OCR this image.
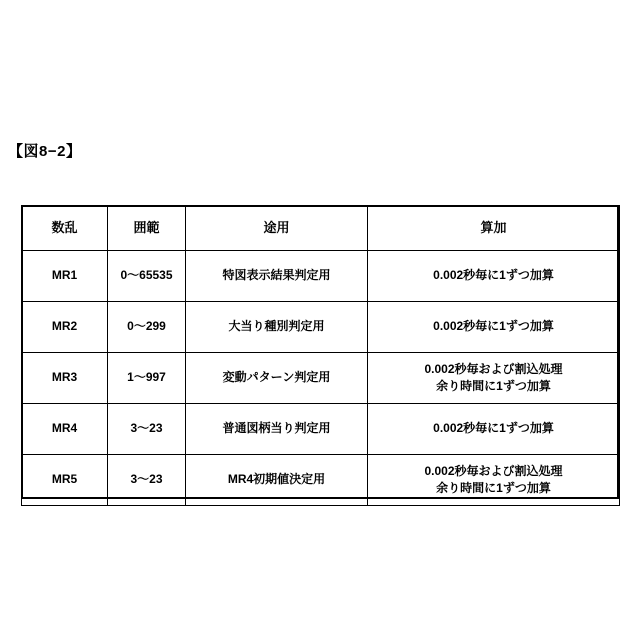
【図8−2】
数乱	囲範	途用	算加
MR1	0〜65535	特図表示結果判定用	0.002秒毎に1ずつ加算

MR2	0〜299	大当り種別判定用	0.002秒毎に1ずつ加算

MR3	1〜997	変動パターン判定用	0.002秒毎および割込処理
余り時間に1ずつ加算

MR4	3〜23	普通図柄当り判定用	0.002秒毎に1ずつ加算

MR5	3〜23	MR4初期値決定用	0.002秒毎および割込処理
余り時間に1ずつ加算
